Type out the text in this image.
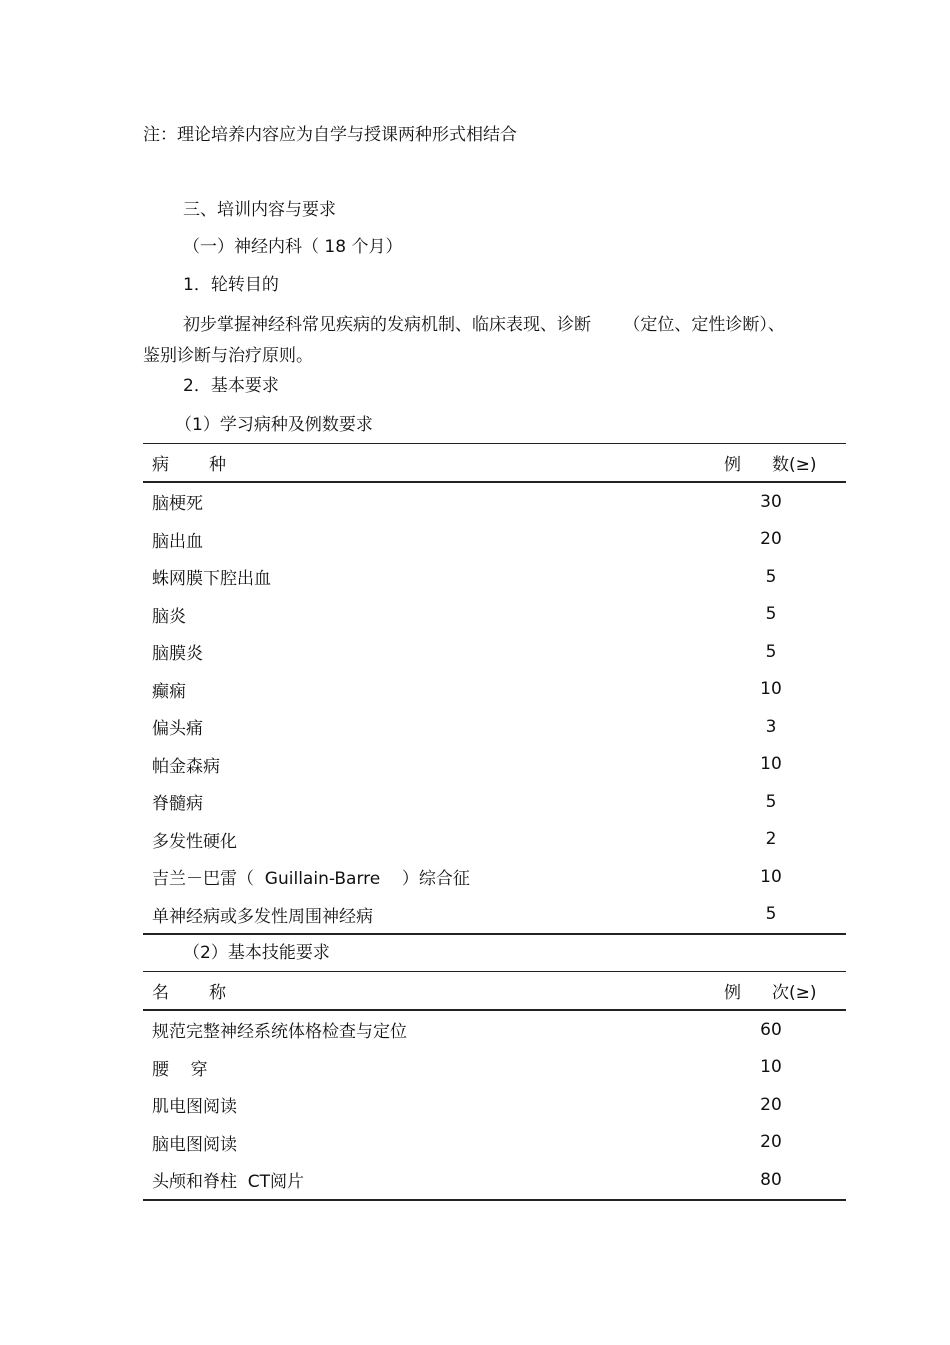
注：理论培养内容应为自学与授课两种形式相结合
三、培训内容与要求
（一）神经内科（ 18 个月）
1．轮转目的
初步掌握神经科常见疾病的发病机制、临床表现、诊断      （定位、定性诊断）、
鉴别诊断与治疗原则。
2．基本要求
（1）学习病种及例数要求
病 种	例 数(≥)
脑梗死	30
脑出血	20
蛛网膜下腔出血	5
脑炎	5
脑膜炎	5
癫痫	10
偏头痛	3
帕金森病	10
脊髓病	5
多发性硬化	2
吉兰－巴雷（  Guillain-Barre    ）综合征	10
单神经病或多发性周围神经病	5
（2）基本技能要求
名 称	例 次(≥)
规范完整神经系统体格检查与定位	60
腰    穿	10
肌电图阅读	20
脑电图阅读	20
头颅和脊柱  CT阅片	80
